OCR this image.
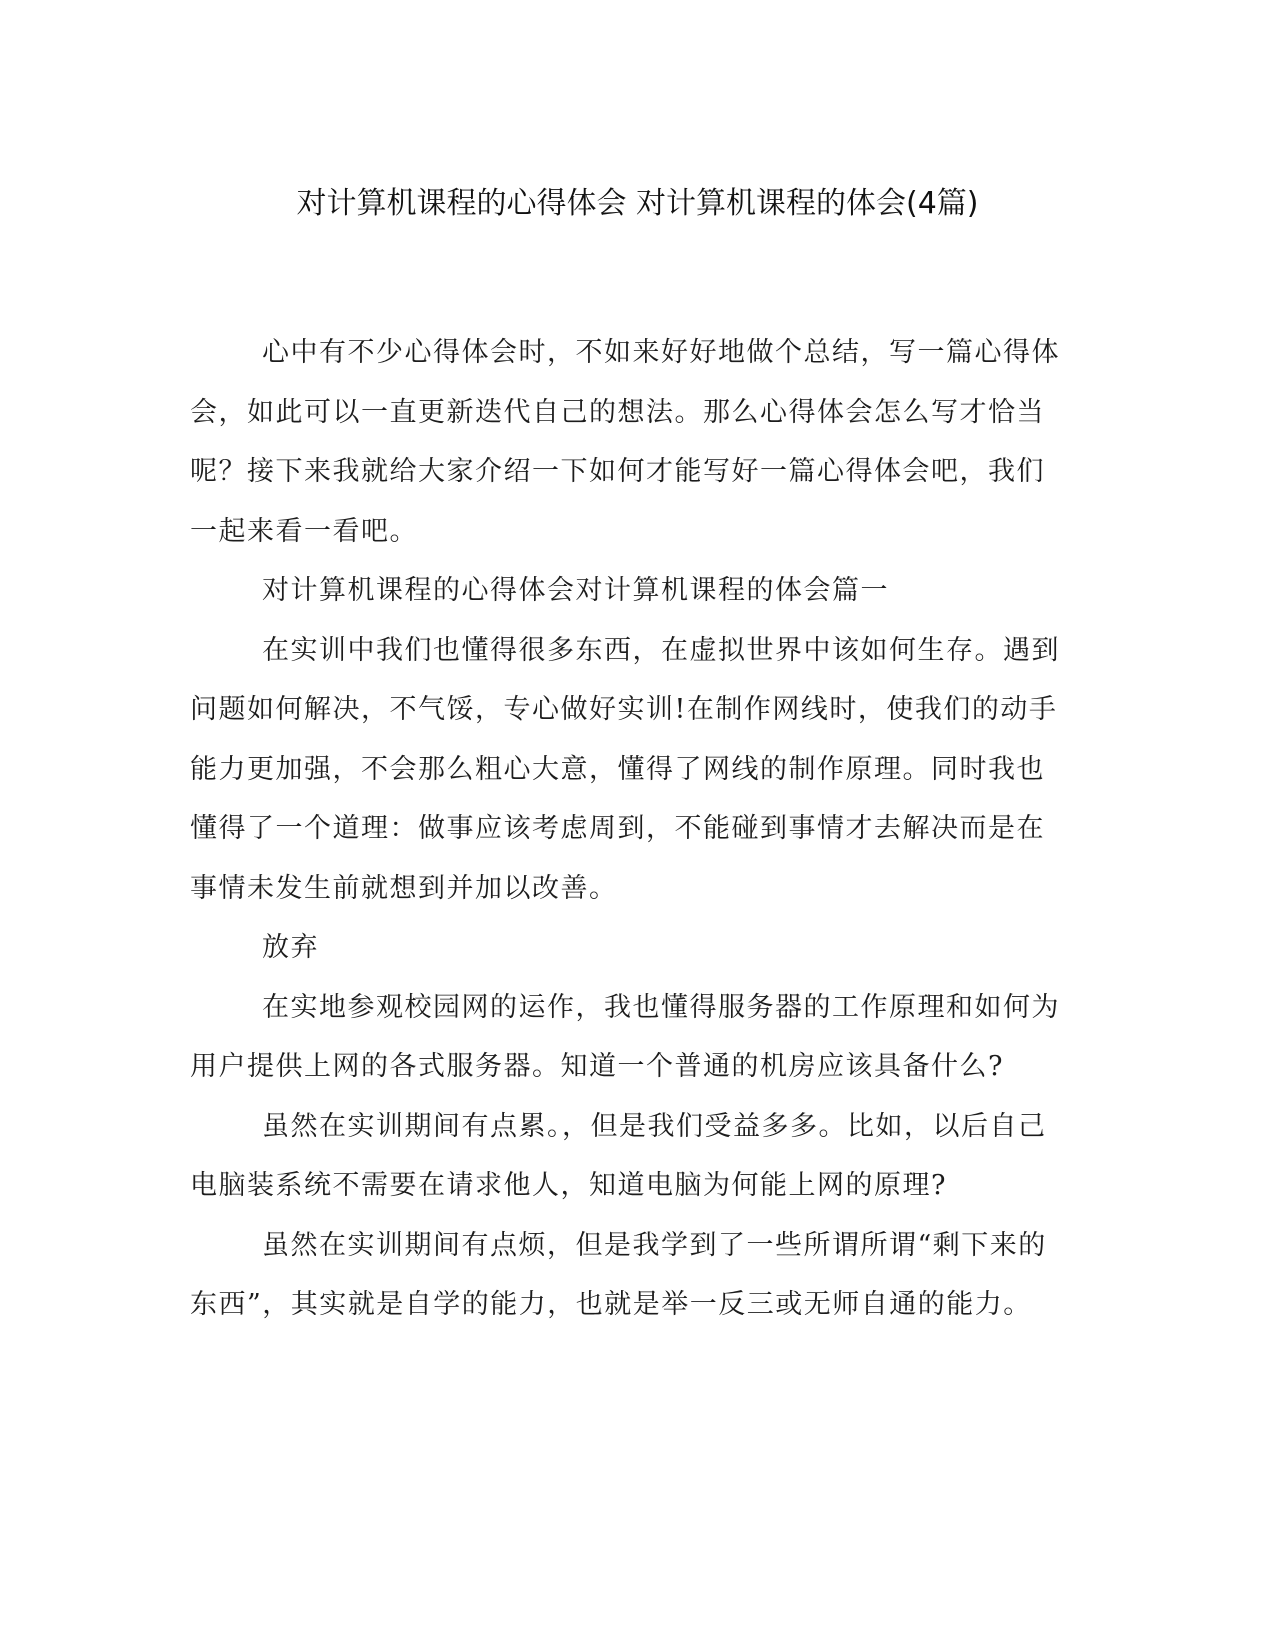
对计算机课程的心得体会 对计算机课程的体会(4篇)

心中有不少心得体会时，不如来好好地做个总结，写一篇心得体
会，如此可以一直更新迭代自己的想法。那么心得体会怎么写才恰当
呢？接下来我就给大家介绍一下如何才能写好一篇心得体会吧，我们
一起来看一看吧。

对计算机课程的心得体会对计算机课程的体会篇一

在实训中我们也懂得很多东西，在虚拟世界中该如何生存。遇到
问题如何解决，不气馁，专心做好实训!在制作网线时，使我们的动手
能力更加强，不会那么粗心大意，懂得了网线的制作原理。同时我也
懂得了一个道理：做事应该考虑周到，不能碰到事情才去解决而是在
事情未发生前就想到并加以改善。

放弃

在实地参观校园网的运作，我也懂得服务器的工作原理和如何为
用户提供上网的各式服务器。知道一个普通的机房应该具备什么?

虽然在实训期间有点累。，但是我们受益多多。比如，以后自己
电脑装系统不需要在请求他人，知道电脑为何能上网的原理?

虽然在实训期间有点烦，但是我学到了一些所谓所谓“剩下来的
东西”，其实就是自学的能力，也就是举一反三或无师自通的能力。
